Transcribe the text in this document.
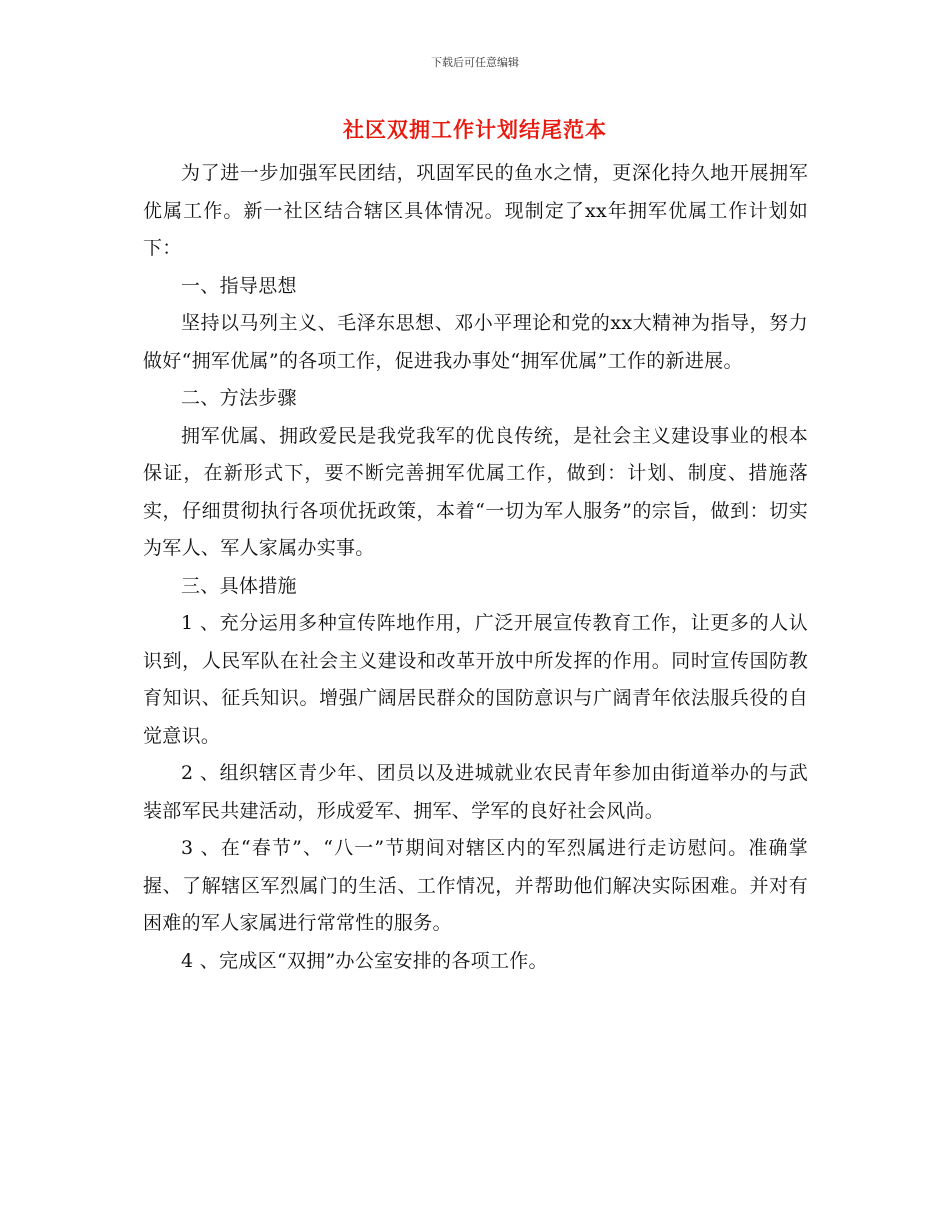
下载后可任意编辑
社区双拥工作计划结尾范本

为了进一步加强军民团结，巩固军民的鱼水之情，更深化持久地开展拥军优属工作。新一社区结合辖区具体情况。现制定了xx年拥军优属工作计划如下：

一、指导思想

坚持以马列主义、毛泽东思想、邓小平理论和党的xx大精神为指导，努力做好“拥军优属”的各项工作，促进我办事处“拥军优属”工作的新进展。

二、方法步骤

拥军优属、拥政爱民是我党我军的优良传统，是社会主义建设事业的根本保证，在新形式下，要不断完善拥军优属工作，做到：计划、制度、措施落实，仔细贯彻执行各项优抚政策，本着“一切为军人服务”的宗旨，做到：切实为军人、军人家属办实事。

三、具体措施

1 、充分运用多种宣传阵地作用，广泛开展宣传教育工作，让更多的人认识到，人民军队在社会主义建设和改革开放中所发挥的作用。同时宣传国防教育知识、征兵知识。增强广阔居民群众的国防意识与广阔青年依法服兵役的自觉意识。

2 、组织辖区青少年、团员以及进城就业农民青年参加由街道举办的与武装部军民共建活动，形成爱军、拥军、学军的良好社会风尚。

3 、在“春节”、“八一”节期间对辖区内的军烈属进行走访慰问。准确掌握、了解辖区军烈属门的生活、工作情况，并帮助他们解决实际困难。并对有困难的军人家属进行常常性的服务。

4 、完成区“双拥”办公室安排的各项工作。
